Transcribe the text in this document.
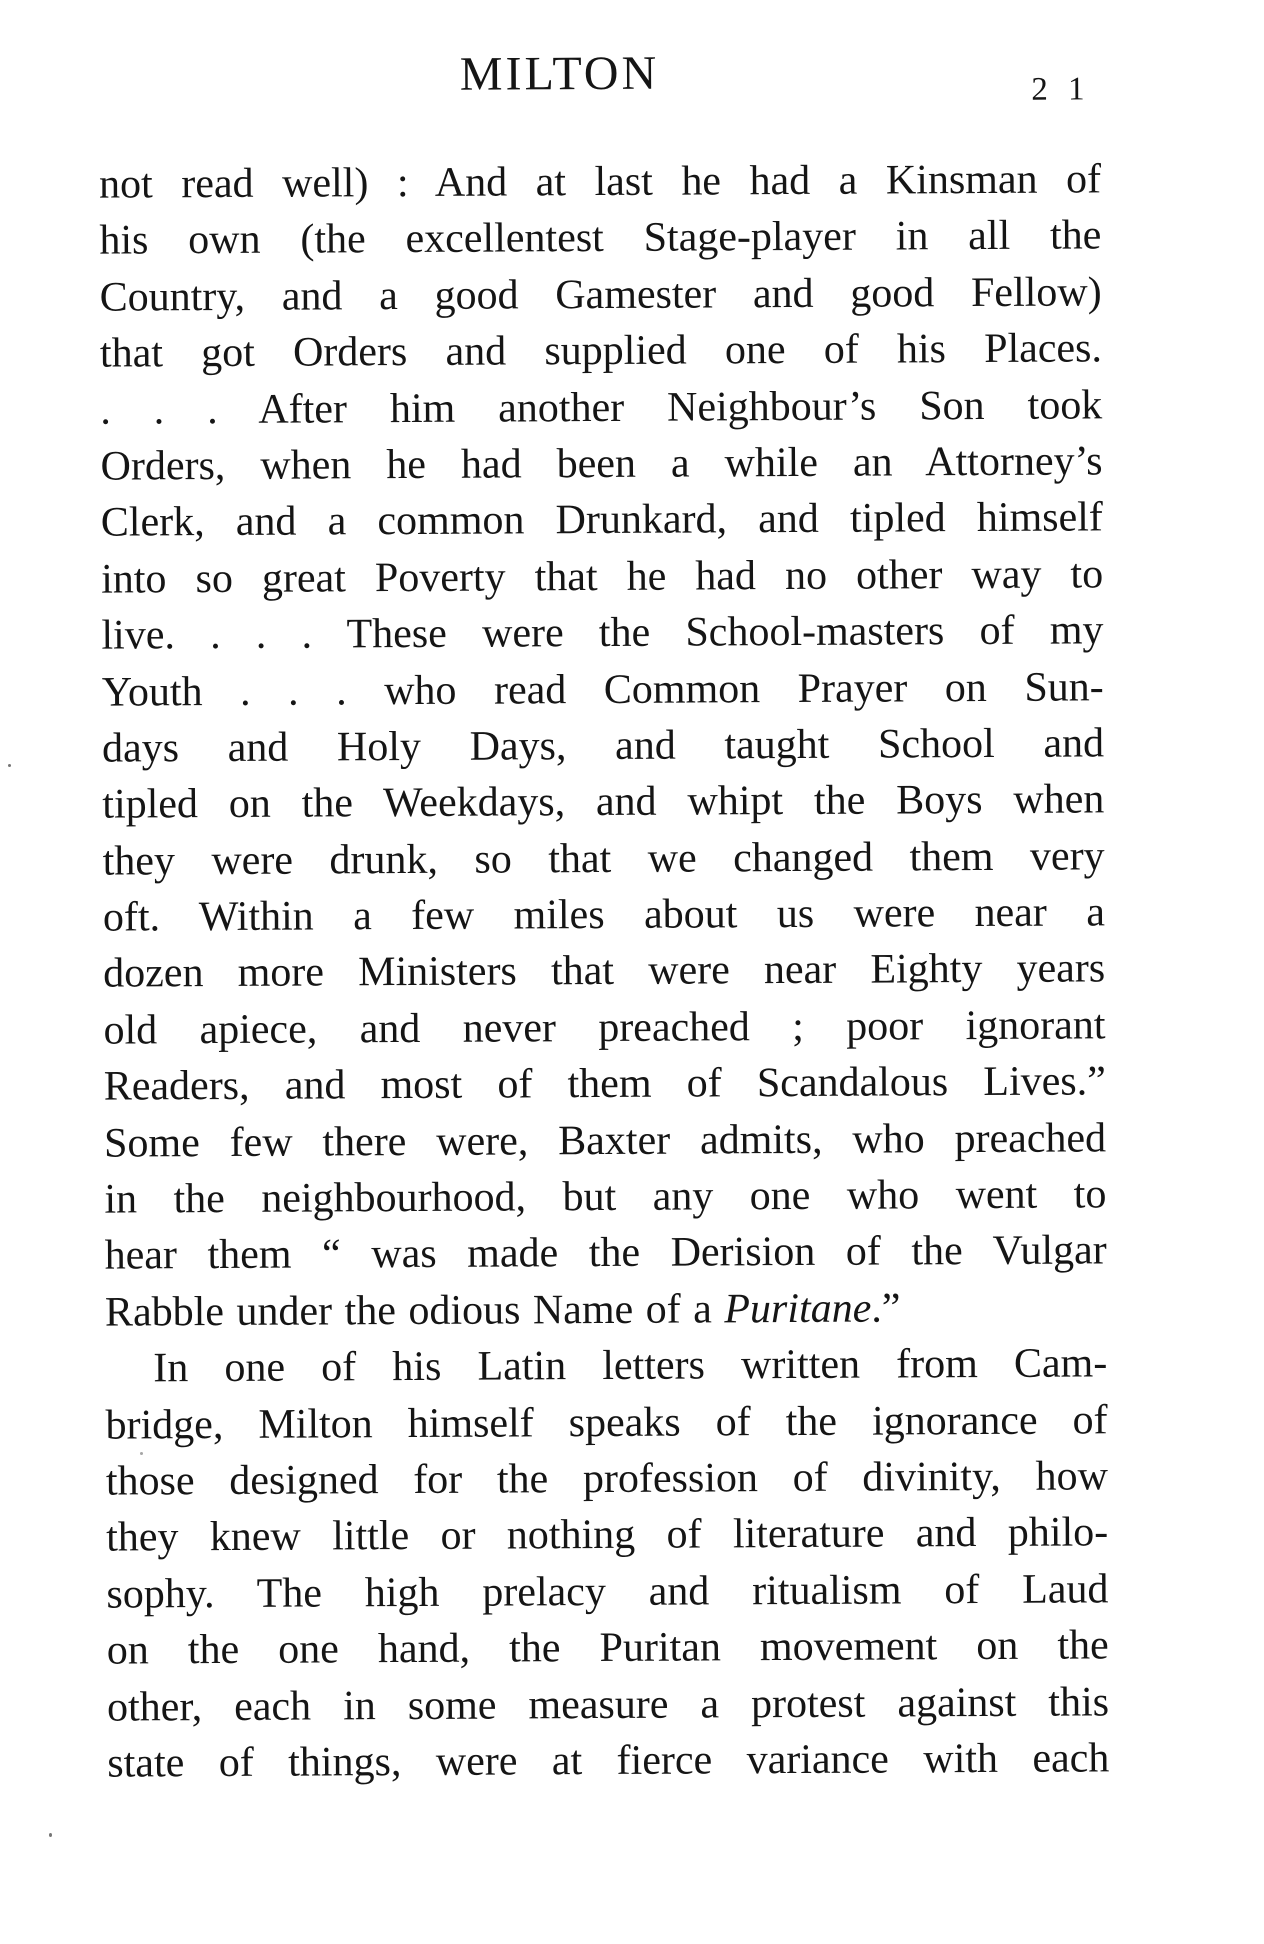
MILTON	2 1
not read well) : And at last he had a Kinsman of
his own (the excellentest Stage-player in all the
Country, and a good Gamester and good Fellow)
that got Orders and supplied one of his Places.
. . . After him another Neighbour’s Son took
Orders, when he had been a while an Attorney’s
Clerk, and a common Drunkard, and tipled himself
into so great Poverty that he had no other way to
live. . . . These were the School-masters of my
Youth . . . who read Common Prayer on Sun-
days and Holy Days, and taught School and
tipled on the Weekdays, and whipt the Boys when
they were drunk, so that we changed them very
oft. Within a few miles about us were near a
dozen more Ministers that were near Eighty years
old apiece, and never preached ; poor ignorant
Readers, and most of them of Scandalous Lives.”
Some few there were, Baxter admits, who preached
in the neighbourhood, but any one who went to
hear them “ was made the Derision of the Vulgar
Rabble under the odious Name of a Puritane.”
In one of his Latin letters written from Cam-
bridge, Milton himself speaks of the ignorance of
those designed for the profession of divinity, how
they knew little or nothing of literature and philo-
sophy. The high prelacy and ritualism of Laud
on the one hand, the Puritan movement on the
other, each in some measure a protest against this
state of things, were at fierce variance with each
